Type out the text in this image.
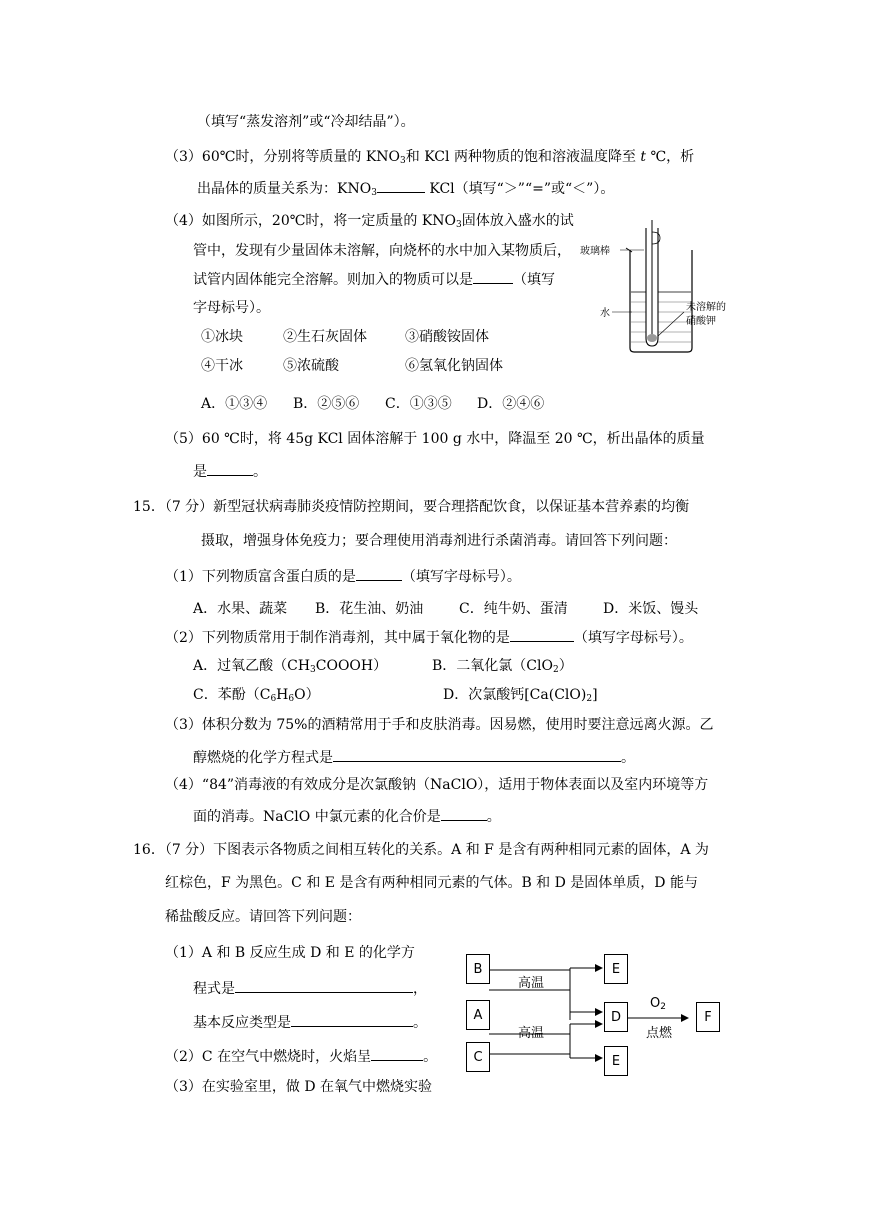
（填写“蒸发溶剂”或“冷却结晶”）。
（3）60℃时，分别将等质量的 $KNO_3$和 KCl 两种物质的饱和溶液温度降至 t ℃，析
出晶体的质量关系为：$KNO_3$	KCl（填写“＞”“=”或“＜”）。
（4）如图所示，20℃时，将一定质量的 $KNO_3$固体放入盛水的试
管中，发现有少量固体未溶解，向烧杯的水中加入某物质后，
试管内固体能完全溶解。则加入的物质可以是	（填写
字母标号）。
①冰块	②生石灰固体	③硝酸铵固体
④干冰	⑤浓硫酸	⑥氢氧化钠固体
A．①③④ B．②⑤⑥ C．①③⑤ D．②④⑥
（5）60 ℃时，将 45g KCl 固体溶解于 100 g 水中，降温至 20 ℃，析出晶体的质量
是	。
15．（7 分）新型冠状病毒肺炎疫情防控期间，要合理搭配饮食，以保证基本营养素的均衡
摄取，增强身体免疫力；要合理使用消毒剂进行杀菌消毒。请回答下列问题：
（1）下列物质富含蛋白质的是	（填写字母标号）。
A．水果、蔬菜 B．花生油、奶油	C．纯牛奶、蛋清	D．米饭、馒头
（2）下列物质常用于制作消毒剂，其中属于氧化物的是	（填写字母标号）。
A．过氧乙酸$(CH_3COOOH)$	B．二氧化氯（ClO$_2$）
C．苯酚$(C_6H_6O)$	D．次氯酸钙$[Ca(ClO)_2]$
（3）体积分数为 75%的酒精常用于手和皮肤消毒。因易燃，使用时要注意远离火源。乙
醇燃烧的化学方程式是	。
（4）“84”消毒液的有效成分是次氯酸钠（NaClO），适用于物体表面以及室内环境等方
面的消毒。NaClO 中氯元素的化合价是	。
16．（7 分）下图表示各物质之间相互转化的关系。A 和 F 是含有两种相同元素的固体，A 为
红棕色，F 为黑色。C 和 E 是含有两种相同元素的气体。B 和 D 是固体单质，D 能与
稀盐酸反应。请回答下列问题：
（1）A 和 B 反应生成 D 和 E 的化学方
程式是	，
基本反应类型是	。
（2）C 在空气中燃烧时，火焰呈	。
（3）在实验室里，做 D 在氧气中燃烧实验
玻璃棒
水
未溶解的
硝酸钾
B
A
C
E
D
E
F
高温
高温
$O_2$
点燃
